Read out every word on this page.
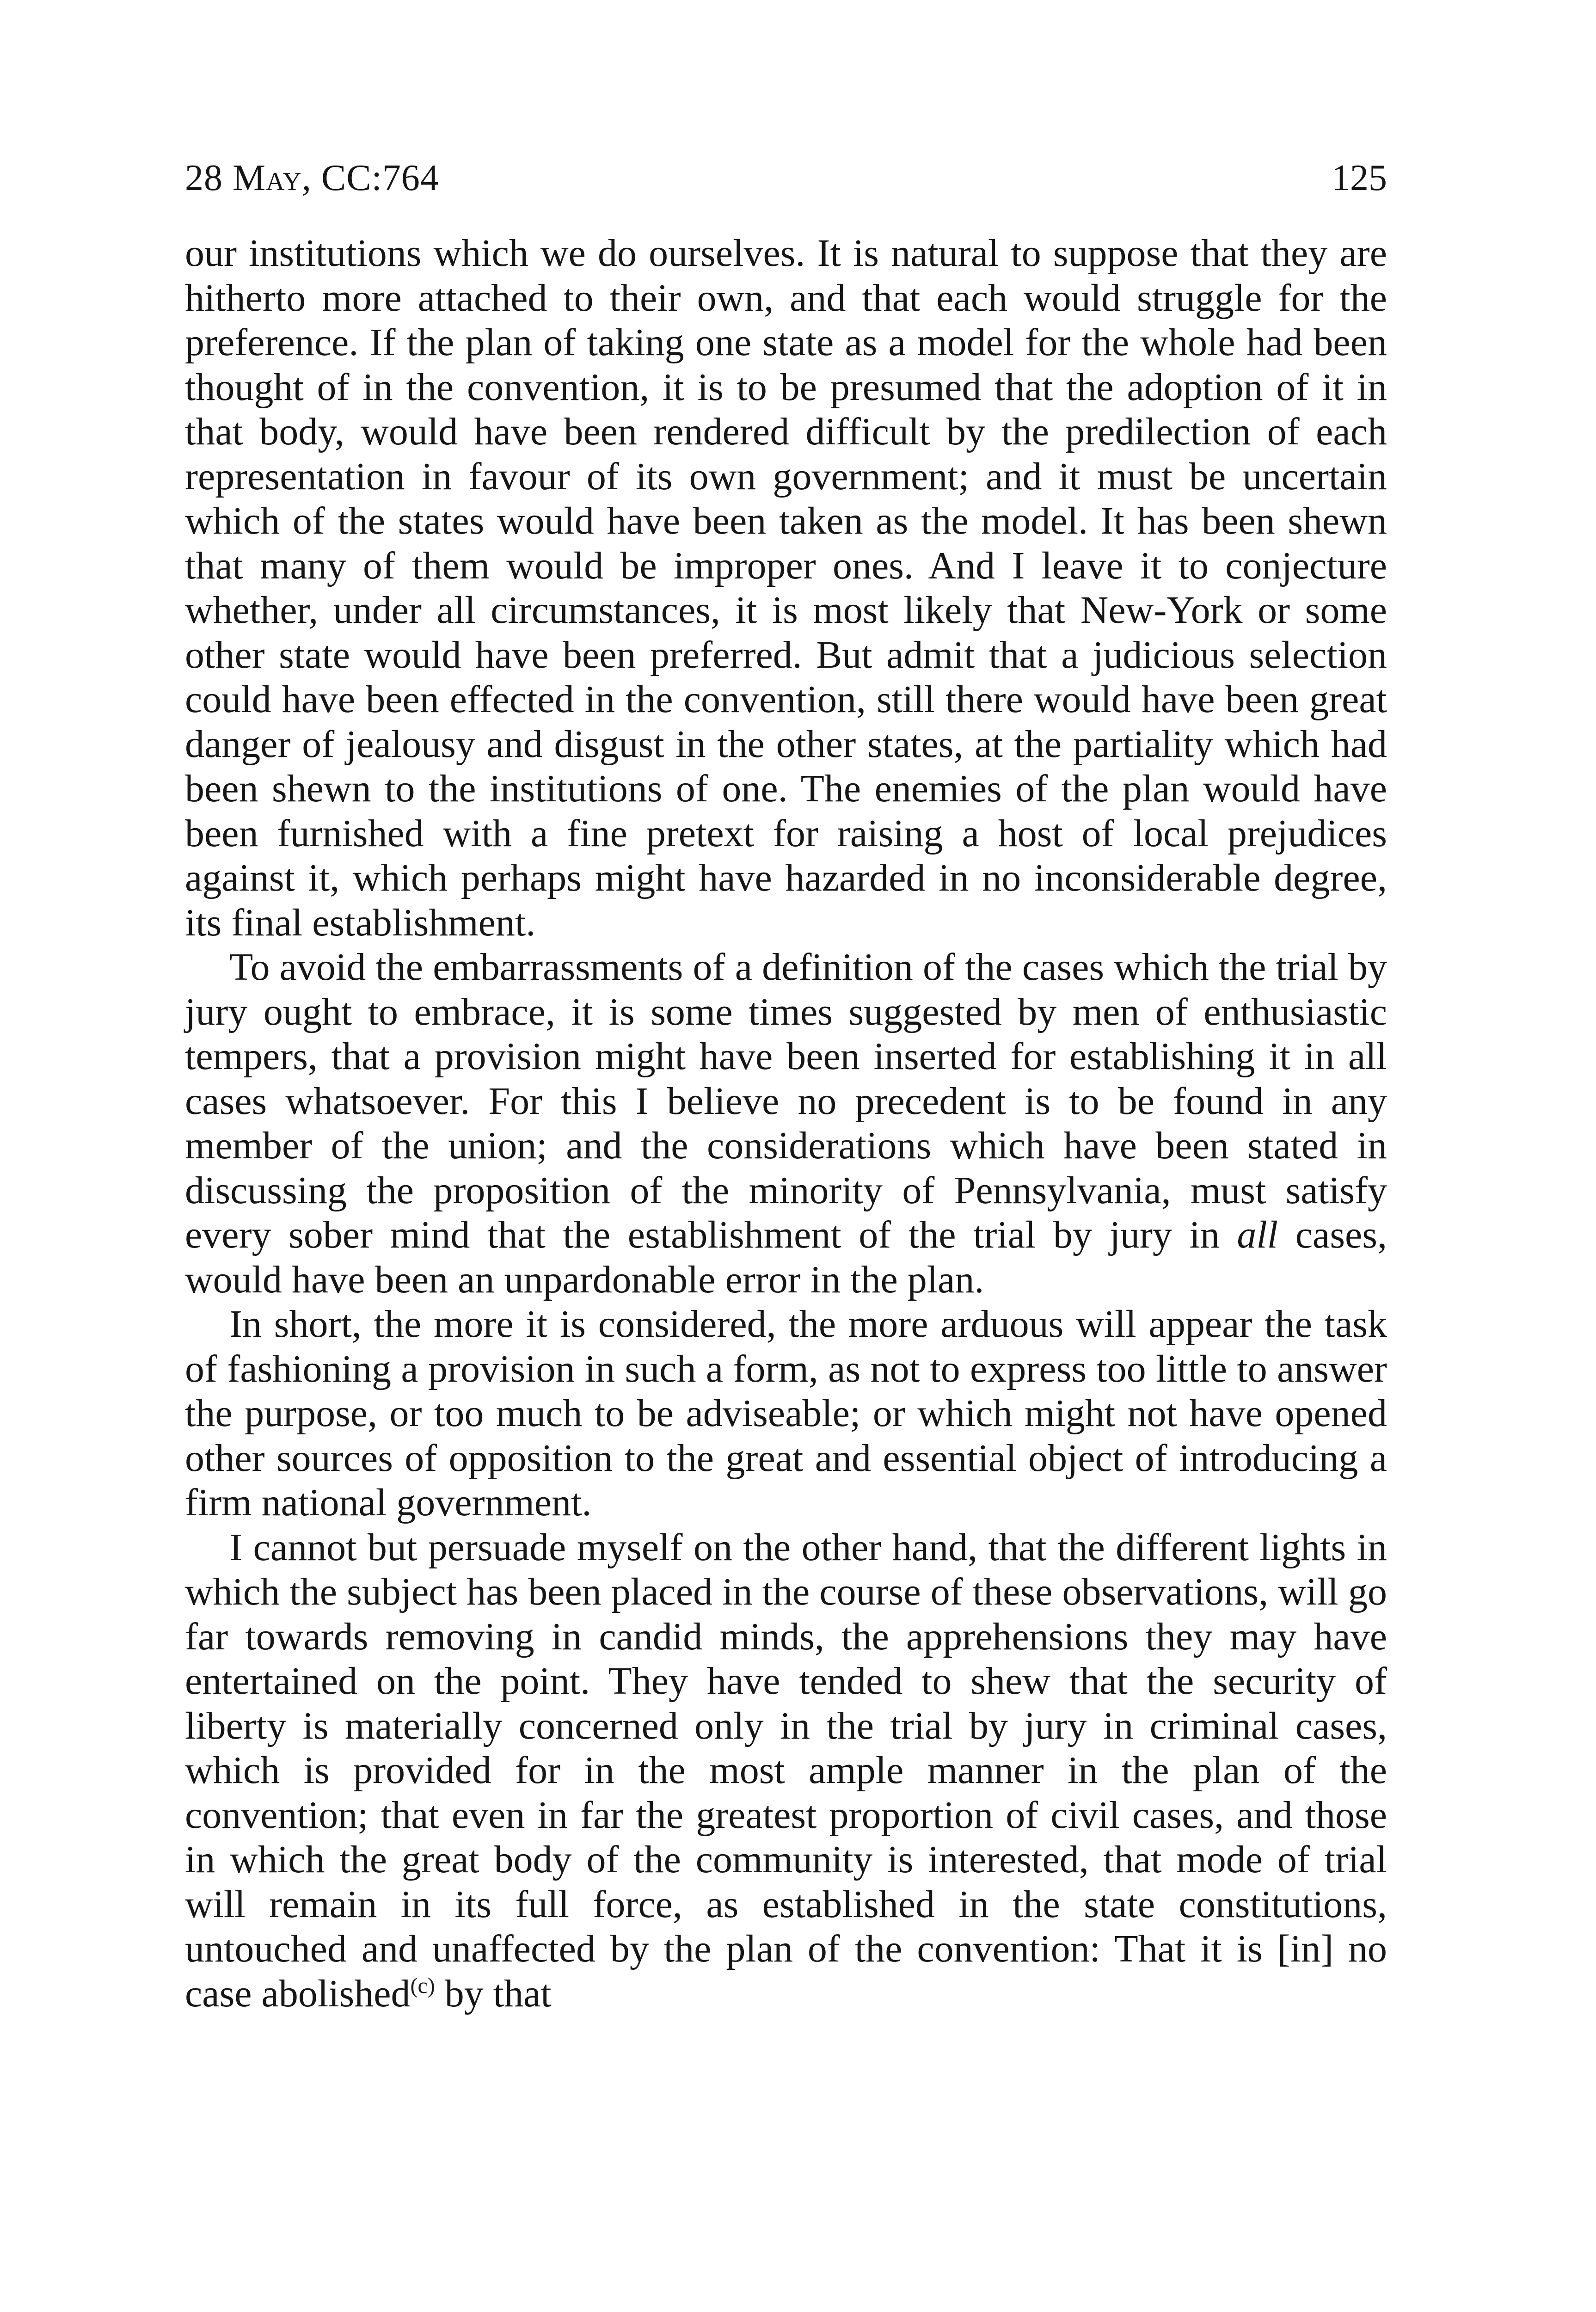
28 May, CC:764	125

our institutions which we do ourselves. It is natural to suppose that they are hitherto more attached to their own, and that each would struggle for the preference. If the plan of taking one state as a model for the whole had been thought of in the convention, it is to be presumed that the adoption of it in that body, would have been rendered difficult by the predilection of each representation in favour of its own government; and it must be uncertain which of the states would have been taken as the model. It has been shewn that many of them would be improper ones. And I leave it to conjecture whether, under all circumstances, it is most likely that New-York or some other state would have been preferred. But admit that a judicious selection could have been effected in the convention, still there would have been great danger of jealousy and disgust in the other states, at the partiality which had been shewn to the institutions of one. The enemies of the plan would have been furnished with a fine pretext for raising a host of local prejudices against it, which perhaps might have hazarded in no inconsiderable degree, its final establishment.

To avoid the embarrassments of a definition of the cases which the trial by jury ought to embrace, it is some times suggested by men of enthusiastic tempers, that a provision might have been inserted for establishing it in all cases whatsoever. For this I believe no precedent is to be found in any member of the union; and the considerations which have been stated in discussing the proposition of the minority of Pennsylvania, must satisfy every sober mind that the establishment of the trial by jury in all cases, would have been an unpardonable error in the plan.

In short, the more it is considered, the more arduous will appear the task of fashioning a provision in such a form, as not to express too little to answer the purpose, or too much to be adviseable; or which might not have opened other sources of opposition to the great and essential object of introducing a firm national government.

I cannot but persuade myself on the other hand, that the different lights in which the subject has been placed in the course of these observations, will go far towards removing in candid minds, the apprehensions they may have entertained on the point. They have tended to shew that the security of liberty is materially concerned only in the trial by jury in criminal cases, which is provided for in the most ample manner in the plan of the convention; that even in far the greatest proportion of civil cases, and those in which the great body of the community is interested, that mode of trial will remain in its full force, as established in the state constitutions, untouched and unaffected by the plan of the convention: That it is [in] no case abolished$^{(c)}$ by that
